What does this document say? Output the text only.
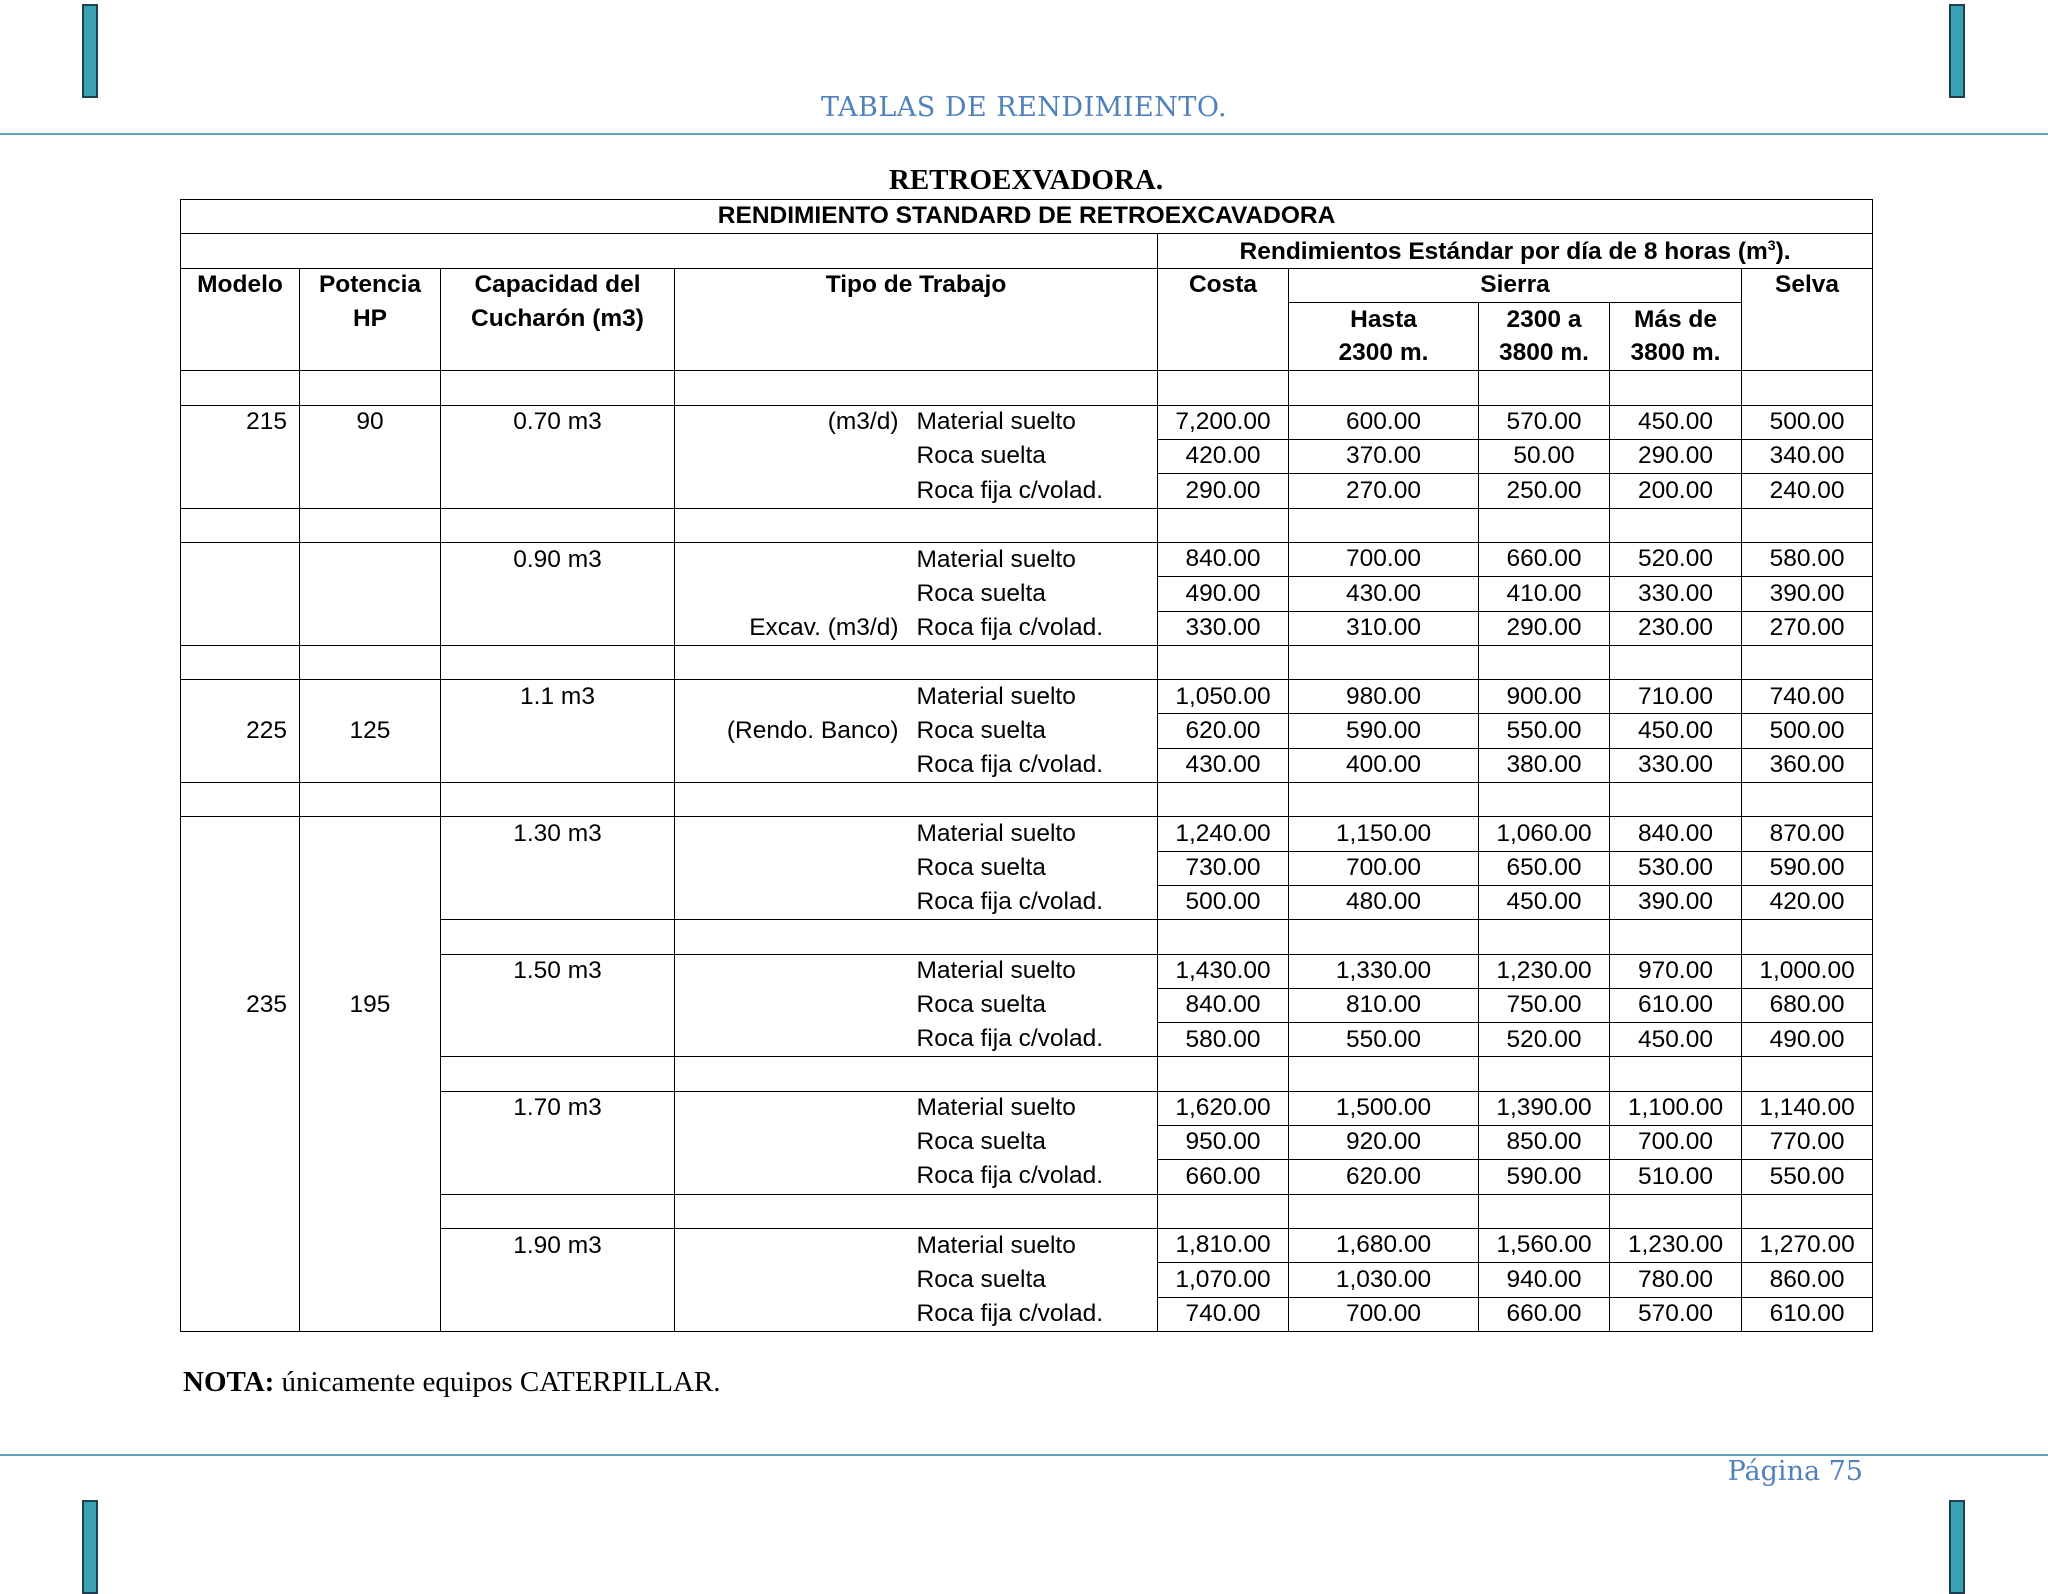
TABLAS DE RENDIMIENTO.
RETROEXVADORA.
RENDIMIENTO STANDARD DE RETROEXCAVADORA									
					Rendimientos Estándar por día de 8 horas $(m^3)$.				
Modelo	Potencia	Capacidad del	Tipo de Trabajo		Costa	Sierra			Selva
	HP	Cucharón (m3)				Hasta	2300 a	Más de	
						2300 m.	3800 m.	3800 m.	

215	90	0.70 m3	(m3/d)	Material suelto	7,200.00	600.00	570.00	450.00	500.00
				Roca suelta	420.00	370.00	50.00	290.00	340.00
				Roca fija c/volad.	290.00	270.00	250.00	200.00	240.00

		0.90 m3		Material suelto	840.00	700.00	660.00	520.00	580.00
				Roca suelta	490.00	430.00	410.00	330.00	390.00
			Excav. (m3/d)	Roca fija c/volad.	330.00	310.00	290.00	230.00	270.00

		1.1 m3		Material suelto	1,050.00	980.00	900.00	710.00	740.00
225	125		(Rendo. Banco)	Roca suelta	620.00	590.00	550.00	450.00	500.00
				Roca fija c/volad.	430.00	400.00	380.00	330.00	360.00

		1.30 m3		Material suelto	1,240.00	1,150.00	1,060.00	840.00	870.00
				Roca suelta	730.00	700.00	650.00	530.00	590.00
				Roca fija c/volad.	500.00	480.00	450.00	390.00	420.00

		1.50 m3		Material suelto	1,430.00	1,330.00	1,230.00	970.00	1,000.00
235	195			Roca suelta	840.00	810.00	750.00	610.00	680.00
				Roca fija c/volad.	580.00	550.00	520.00	450.00	490.00

		1.70 m3		Material suelto	1,620.00	1,500.00	1,390.00	1,100.00	1,140.00
				Roca suelta	950.00	920.00	850.00	700.00	770.00
				Roca fija c/volad.	660.00	620.00	590.00	510.00	550.00

		1.90 m3		Material suelto	1,810.00	1,680.00	1,560.00	1,230.00	1,270.00
				Roca suelta	1,070.00	1,030.00	940.00	780.00	860.00
				Roca fija c/volad.	740.00	700.00	660.00	570.00	610.00
NOTA: únicamente equipos CATERPILLAR.
Página 75
